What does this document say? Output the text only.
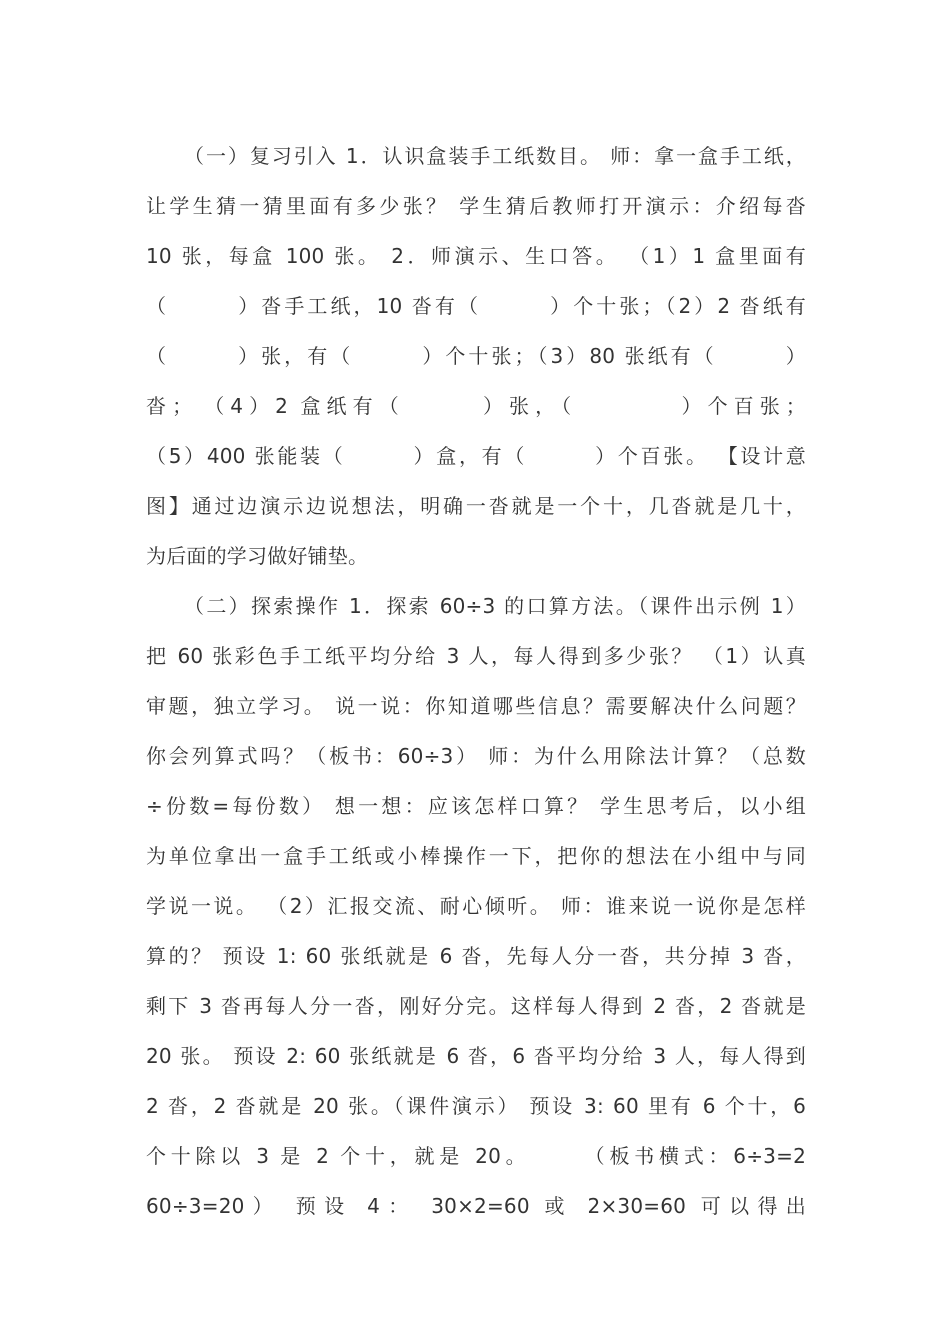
（一）复习引入 1．认识盒装手工纸数目。 师：拿一盒手工纸，
让学生猜一猜里面有多少张？ 学生猜后教师打开演示：介绍每沓
10 张，每盒 100 张。 2．师演示、生口答。 （1）1 盒里面有
（　　　）沓手工纸，10 沓有（　　　）个十张；（2）2 沓纸有
（　　　）张，有（　　　）个十张；（3）80 张纸有（　　　）
沓；　（4）2 盒纸有（　　　）张，（　　　　）个百张；
（5）400 张能装（　　　）盒，有（　　　）个百张。 【设计意
图】通过边演示边说想法，明确一沓就是一个十，几沓就是几十，
为后面的学习做好铺垫。
（二）探索操作 1．探索 60÷3 的口算方法。（课件出示例 1）
把 60 张彩色手工纸平均分给 3 人，每人得到多少张？ （1）认真
审题，独立学习。 说一说：你知道哪些信息？需要解决什么问题？
你会列算式吗？（板书：60÷3） 师：为什么用除法计算？（总数
÷份数=每份数） 想一想：应该怎样口算？ 学生思考后，以小组
为单位拿出一盒手工纸或小棒操作一下，把你的想法在小组中与同
学说一说。 （2）汇报交流、耐心倾听。 师：谁来说一说你是怎样
算的？ 预设 1: 60 张纸就是 6 沓，先每人分一沓，共分掉 3 沓，
剩下 3 沓再每人分一沓，刚好分完。这样每人得到 2 沓，2 沓就是
20 张。 预设 2: 60 张纸就是 6 沓，6 沓平均分给 3 人，每人得到
2 沓，2 沓就是 20 张。（课件演示） 预设 3: 60 里有 6 个十，6
个十除以 3 是 2 个十，就是 20。　　　（板书横式：6÷3=2
60÷3=20） 预设 4： 30×2=60 或 2×30=60 可以得出
